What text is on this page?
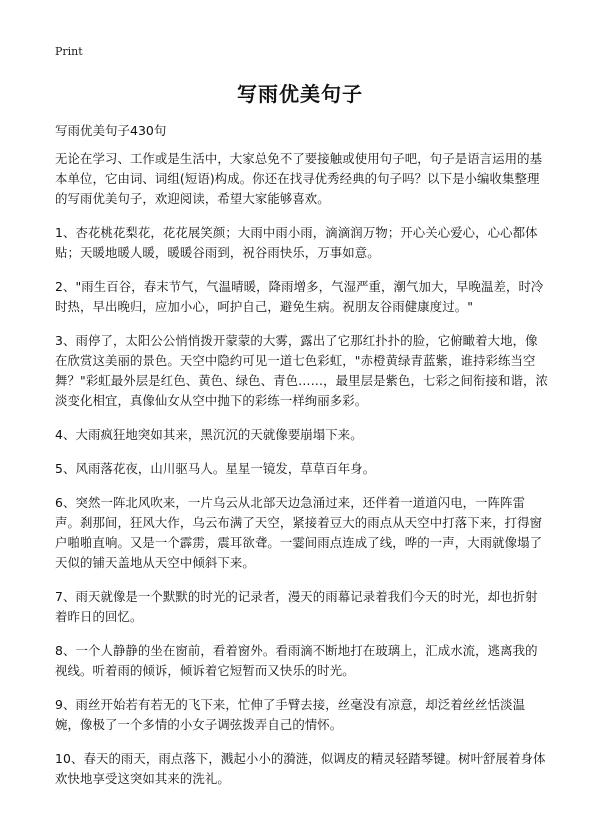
Print
写雨优美句子
写雨优美句子430句

无论在学习、工作或是生活中，大家总免不了要接触或使用句子吧，句子是语言运用的基本单位，它由词、词组(短语)构成。你还在找寻优秀经典的句子吗？以下是小编收集整理的写雨优美句子，欢迎阅读，希望大家能够喜欢。

1、杏花桃花梨花，花花展笑颜；大雨中雨小雨，滴滴润万物；开心关心爱心，心心都体贴；天暖地暖人暖，暖暖谷雨到，祝谷雨快乐，万事如意。

2、"雨生百谷，春末节气，气温晴暖，降雨增多，气湿严重，潮气加大，早晚温差，时冷时热，早出晚归，应加小心，呵护自己，避免生病。祝朋友谷雨健康度过。"

3、雨停了，太阳公公悄悄拨开蒙蒙的大雾，露出了它那红扑扑的脸，它俯瞰着大地，像在欣赏这美丽的景色。天空中隐约可见一道七色彩虹，"赤橙黄绿青蓝紫，谁持彩练当空舞？"彩虹最外层是红色、黄色、绿色、青色……，最里层是紫色，七彩之间衔接和谐，浓淡变化相宜，真像仙女从空中抛下的彩练一样绚丽多彩。

4、大雨疯狂地突如其来，黑沉沉的天就像要崩塌下来。

5、风雨落花夜，山川驱马人。星星一镜发，草草百年身。

6、突然一阵北风吹来，一片乌云从北部天边急涌过来，还伴着一道道闪电，一阵阵雷声。刹那间，狂风大作，乌云布满了天空，紧接着豆大的雨点从天空中打落下来，打得窗户啪啪直响。又是一个霹雳，震耳欲聋。一霎间雨点连成了线，哗的一声，大雨就像塌了天似的铺天盖地从天空中倾斜下来。

7、雨天就像是一个默默的时光的记录者，漫天的雨幕记录着我们今天的时光，却也折射着昨日的回忆。

8、一个人静静的坐在窗前，看着窗外。看雨滴不断地打在玻璃上，汇成水流，逃离我的视线。听着雨的倾诉，倾诉着它短暂而又快乐的时光。

9、雨丝开始若有若无的飞下来，忙伸了手臂去接，丝毫没有凉意，却泛着丝丝恬淡温婉，像极了一个多情的小女子调弦拨弄自己的情怀。

10、春天的雨天，雨点落下，溅起小小的漪涟，似调皮的精灵轻踏琴键。树叶舒展着身体欢快地享受这突如其来的洗礼。
